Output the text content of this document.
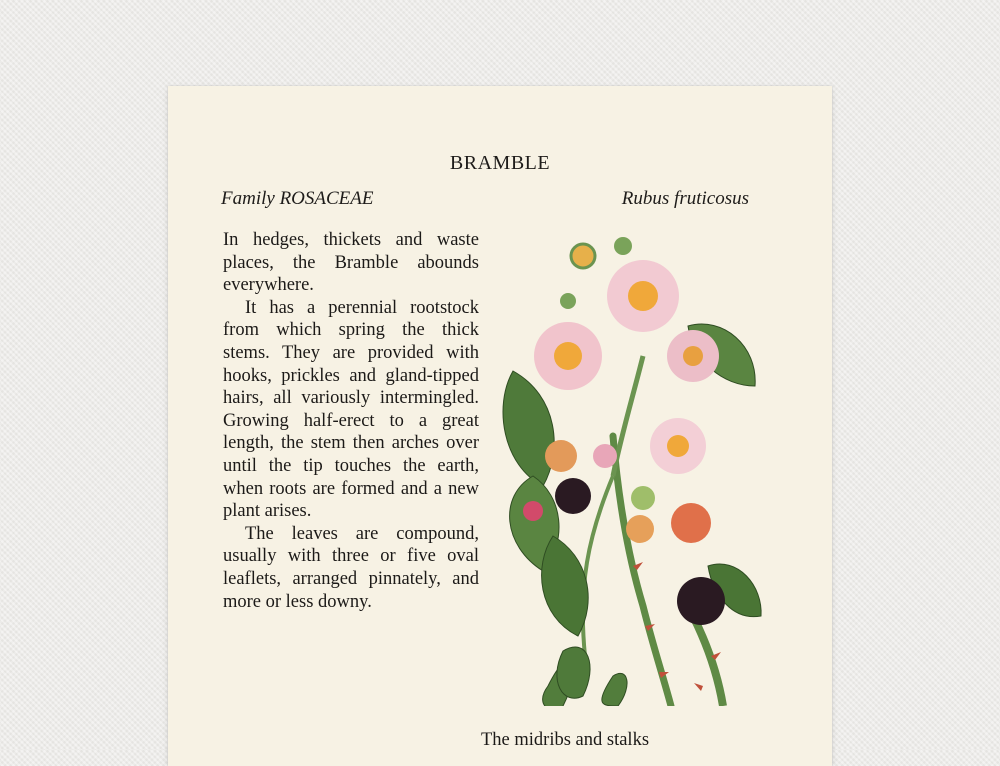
BRAMBLE
Family ROSACEAE	Rubus fruticosus

In hedges, thickets and waste places, the Bramble abounds everywhere.

It has a perennial rootstock from which spring the thick stems. They are provided with hooks, prickles and gland-tipped hairs, all variously intermingled. Growing half-erect to a great length, the stem then arches over until the tip touches the earth, when roots are formed and a new plant arises.

The leaves are compound, usually with three or five oval leaflets, arranged pinnately, and more or less downy.

The midribs and stalks
